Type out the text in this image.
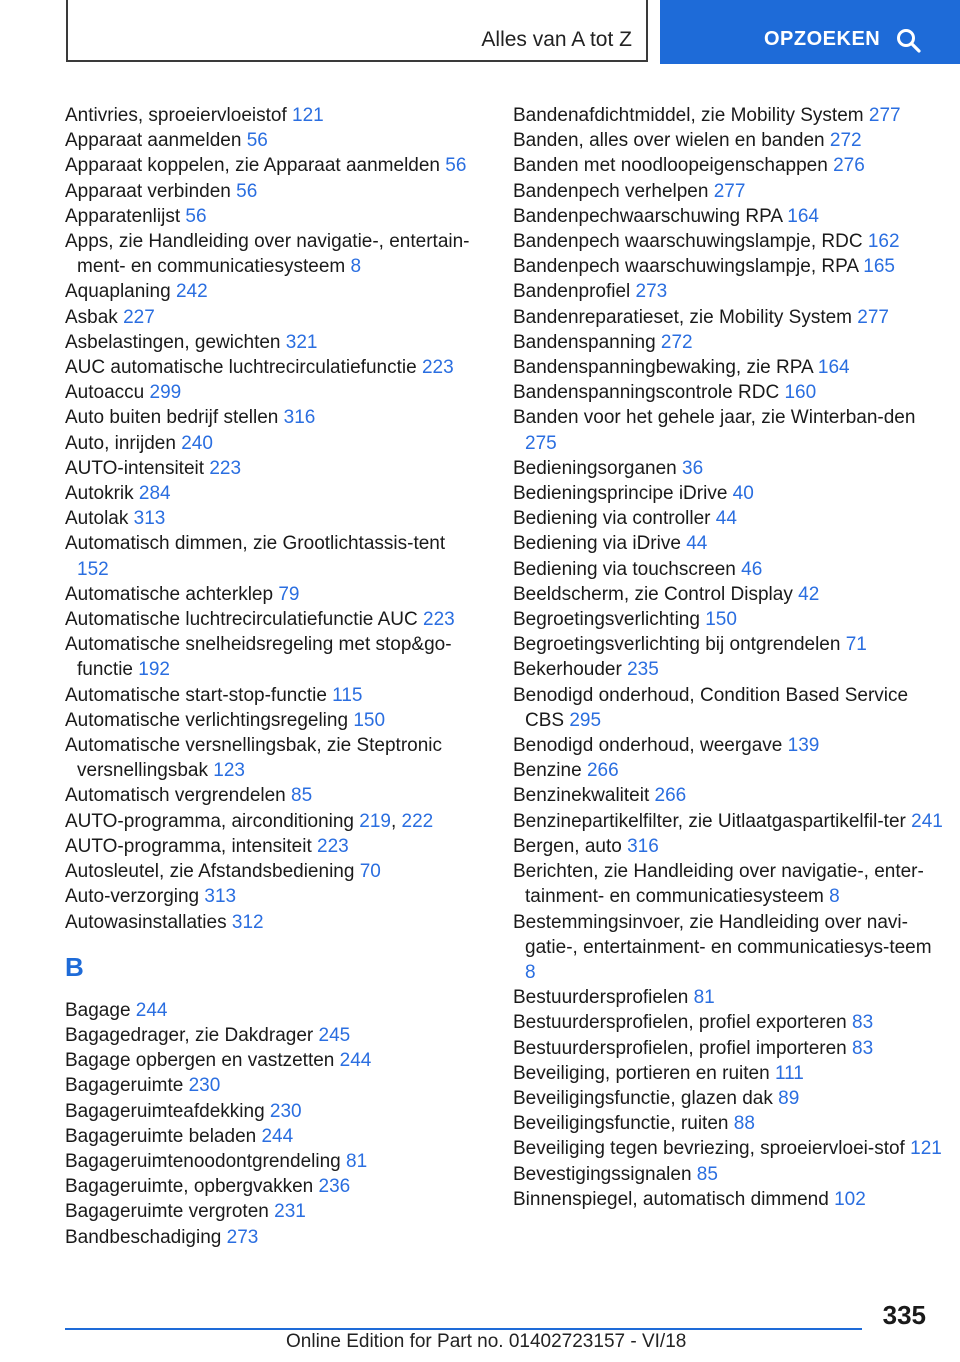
Alles van A tot Z	OPZOEKEN
Antivries, sproeiervloeistof 121
Apparaat aanmelden 56
Apparaat koppelen, zie Apparaat aanmelden 56
Apparaat verbinden 56
Apparatenlijst 56
Apps, zie Handleiding over navigatie-, entertain-ment- en communicatiesysteem 8
Aquaplaning 242
Asbak 227
Asbelastingen, gewichten 321
AUC automatische luchtrecirculatiefunctie 223
Autoaccu 299
Auto buiten bedrijf stellen 316
Auto, inrijden 240
AUTO-intensiteit 223
Autokrik 284
Autolak 313
Automatisch dimmen, zie Grootlichtassis-tent 152
Automatische achterklep 79
Automatische luchtrecirculatiefunctie AUC 223
Automatische snelheidsregeling met stop&go-functie 192
Automatische start-stop-functie 115
Automatische verlichtingsregeling 150
Automatische versnellingsbak, zie Steptronic versnellingsbak 123
Automatisch vergrendelen 85
AUTO-programma, airconditioning 219, 222
AUTO-programma, intensiteit 223
Autosleutel, zie Afstandsbediening 70
Auto-verzorging 313
Autowasinstallaties 312
B
Bagage 244
Bagagedrager, zie Dakdrager 245
Bagage opbergen en vastzetten 244
Bagageruimte 230
Bagageruimteafdekking 230
Bagageruimte beladen 244
Bagageruimtenoodontgrendeling 81
Bagageruimte, opbergvakken 236
Bagageruimte vergroten 231
Bandbeschadiging 273
Bandenafdichtmiddel, zie Mobility System 277
Banden, alles over wielen en banden 272
Banden met noodloopeigenschappen 276
Bandenpech verhelpen 277
Bandenpechwaarschuwing RPA 164
Bandenpech waarschuwingslampje, RDC 162
Bandenpech waarschuwingslampje, RPA 165
Bandenprofiel 273
Bandenreparatieset, zie Mobility System 277
Bandenspanning 272
Bandenspanningbewaking, zie RPA 164
Bandenspanningscontrole RDC 160
Banden voor het gehele jaar, zie Winterban-den 275
Bedieningsorganen 36
Bedieningsprincipe iDrive 40
Bediening via controller 44
Bediening via iDrive 44
Bediening via touchscreen 46
Beeldscherm, zie Control Display 42
Begroetingsverlichting 150
Begroetingsverlichting bij ontgrendelen 71
Bekerhouder 235
Benodigd onderhoud, Condition Based Service CBS 295
Benodigd onderhoud, weergave 139
Benzine 266
Benzinekwaliteit 266
Benzinepartikelfilter, zie Uitlaatgaspartikelfil-ter 241
Bergen, auto 316
Berichten, zie Handleiding over navigatie-, enter-tainment- en communicatiesysteem 8
Bestemmingsinvoer, zie Handleiding over navi-gatie-, entertainment- en communicatiesys-teem 8
Bestuurdersprofielen 81
Bestuurdersprofielen, profiel exporteren 83
Bestuurdersprofielen, profiel importeren 83
Beveiliging, portieren en ruiten 111
Beveiligingsfunctie, glazen dak 89
Beveiligingsfunctie, ruiten 88
Beveiliging tegen bevriezing, sproeiervloei-stof 121
Bevestigingssignalen 85
Binnenspiegel, automatisch dimmend 102
335
Online Edition for Part no. 01402723157 - VI/18
